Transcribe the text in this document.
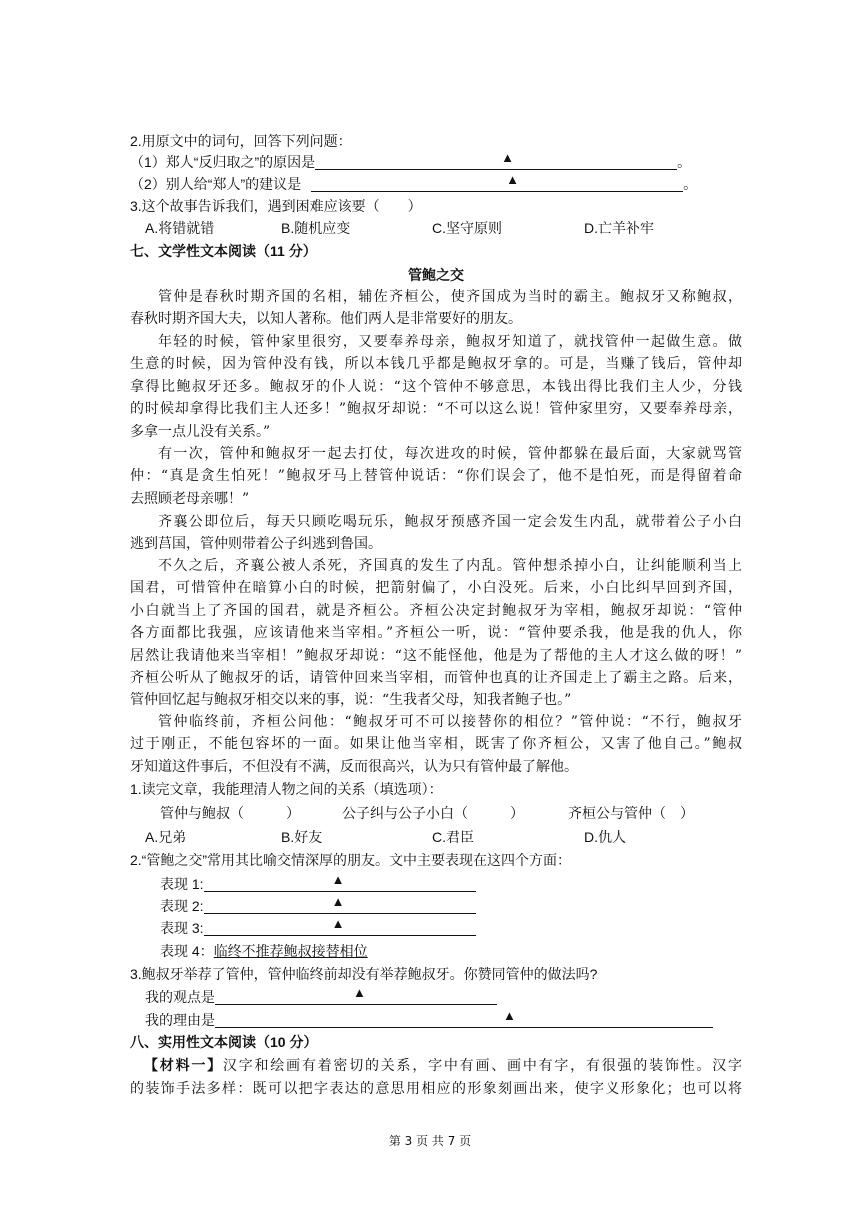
2.用原文中的词句，回答下列问题：
（1）郑人“反归取之”的原因是	▲	。
（2）别人给“郑人”的建议是	▲	。
3.这个故事告诉我们，遇到困难应该要（　　）
A.将错就错	B.随机应变	C.坚守原则	D.亡羊补牢
七、文学性文本阅读（11 分）
管鲍之交
管仲是春秋时期齐国的名相，辅佐齐桓公，使齐国成为当时的霸主。鲍叔牙又称鲍叔，
春秋时期齐国大夫，以知人著称。他们两人是非常要好的朋友。
年轻的时候，管仲家里很穷，又要奉养母亲，鲍叔牙知道了，就找管仲一起做生意。做
生意的时候，因为管仲没有钱，所以本钱几乎都是鲍叔牙拿的。可是，当赚了钱后，管仲却
拿得比鲍叔牙还多。鲍叔牙的仆人说：“这个管仲不够意思，本钱出得比我们主人少，分钱
的时候却拿得比我们主人还多！”鲍叔牙却说：“不可以这么说！管仲家里穷，又要奉养母亲，
多拿一点儿没有关系。”
有一次，管仲和鲍叔牙一起去打仗，每次进攻的时候，管仲都躲在最后面，大家就骂管
仲：“真是贪生怕死！”鲍叔牙马上替管仲说话：“你们误会了，他不是怕死，而是得留着命
去照顾老母亲哪！”
齐襄公即位后，每天只顾吃喝玩乐，鲍叔牙预感齐国一定会发生内乱，就带着公子小白
逃到莒国，管仲则带着公子纠逃到鲁国。
不久之后，齐襄公被人杀死，齐国真的发生了内乱。管仲想杀掉小白，让纠能顺利当上
国君，可惜管仲在暗算小白的时候，把箭射偏了，小白没死。后来，小白比纠早回到齐国，
小白就当上了齐国的国君，就是齐桓公。齐桓公决定封鲍叔牙为宰相，鲍叔牙却说：“管仲
各方面都比我强，应该请他来当宰相。”齐桓公一听，说：“管仲要杀我，他是我的仇人，你
居然让我请他来当宰相！”鲍叔牙却说：“这不能怪他，他是为了帮他的主人才这么做的呀！”
齐桓公听从了鲍叔牙的话，请管仲回来当宰相，而管仲也真的让齐国走上了霸主之路。后来，
管仲回忆起与鲍叔牙相交以来的事，说：“生我者父母，知我者鲍子也。”
管仲临终前，齐桓公问他：“鲍叔牙可不可以接替你的相位？”管仲说：“不行，鲍叔牙
过于刚正，不能包容坏的一面。如果让他当宰相，既害了你齐桓公，又害了他自己。”鲍叔
牙知道这件事后，不但没有不满，反而很高兴，认为只有管仲最了解他。
1.读完文章，我能理清人物之间的关系（填选项）：
管仲与鲍叔（　　　）	公子纠与公子小白（　　　）	齐桓公与管仲（　）
A.兄弟	B.好友	C.君臣	D.仇人
2.“管鲍之交”常用其比喻交情深厚的朋友。文中主要表现在这四个方面：
表现 1:	▲
表现 2:	▲
表现 3:	▲
表现 4：临终不推荐鲍叔接替相位
3.鲍叔牙举荐了管仲，管仲临终前却没有举荐鲍叔牙。你赞同管仲的做法吗?
我的观点是	▲
我的理由是	▲
八、实用性文本阅读（10 分）
【材料一】汉字和绘画有着密切的关系，字中有画、画中有字，有很强的装饰性。汉字
的装饰手法多样：既可以把字表达的意思用相应的形象刻画出来，使字义形象化；也可以将
第 3 页 共 7 页
